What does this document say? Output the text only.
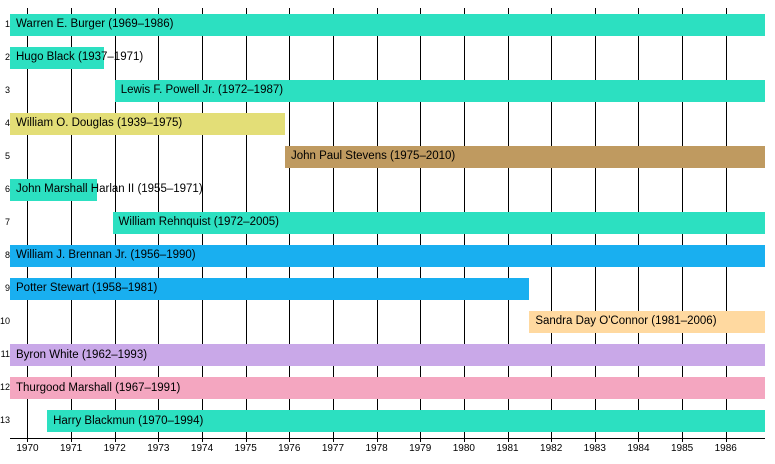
Warren E. Burger (1969–1986)
Hugo Black (1937–1971)
Lewis F. Powell Jr. (1972–1987)
William O. Douglas (1939–1975)
John Paul Stevens (1975–2010)
John Marshall Harlan II (1955–1971)
William Rehnquist (1972–2005)
William J. Brennan Jr. (1956–1990)
Potter Stewart (1958–1981)
Sandra Day O'Connor (1981–2006)
Byron White (1962–1993)
Thurgood Marshall (1967–1991)
Harry Blackmun (1970–1994)
1
2
3
4
5
6
7
8
9
10
11
12
13
1970 1971 1972 1973 1974 1975 1976 1977 1978 1979 1980 1981 1982 1983 1984 1985 1986
